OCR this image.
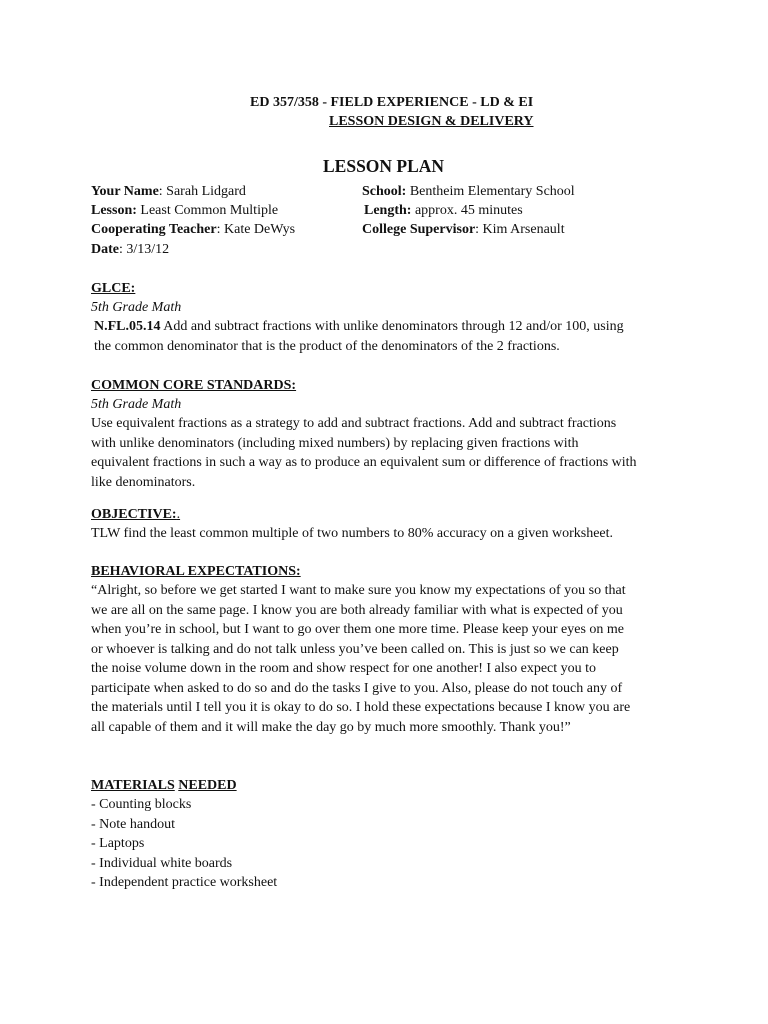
ED 357/358 - FIELD EXPERIENCE - LD & EI
LESSON DESIGN & DELIVERY
LESSON PLAN
Your Name: Sarah Lidgard	School: Bentheim Elementary School
Lesson: Least Common Multiple	Length: approx. 45 minutes
Cooperating Teacher: Kate DeWys	College Supervisor: Kim Arsenault
Date: 3/13/12
GLCE:
5th Grade Math
N.FL.05.14 Add and subtract fractions with unlike denominators through 12 and/or 100, using
the common denominator that is the product of the denominators of the 2 fractions.
COMMON CORE STANDARDS:
5th Grade Math
Use equivalent fractions as a strategy to add and subtract fractions. Add and subtract fractions
with unlike denominators (including mixed numbers) by replacing given fractions with
equivalent fractions in such a way as to produce an equivalent sum or difference of fractions with
like denominators.
OBJECTIVE:.
TLW find the least common multiple of two numbers to 80% accuracy on a given worksheet.
BEHAVIORAL EXPECTATIONS:
“Alright, so before we get started I want to make sure you know my expectations of you so that
we are all on the same page. I know you are both already familiar with what is expected of you
when you’re in school, but I want to go over them one more time. Please keep your eyes on me
or whoever is talking and do not talk unless you’ve been called on. This is just so we can keep
the noise volume down in the room and show respect for one another! I also expect you to
participate when asked to do so and do the tasks I give to you. Also, please do not touch any of
the materials until I tell you it is okay to do so. I hold these expectations because I know you are
all capable of them and it will make the day go by much more smoothly. Thank you!”
MATERIALS NEEDED
- Counting blocks
- Note handout
- Laptops
- Individual white boards
- Independent practice worksheet
